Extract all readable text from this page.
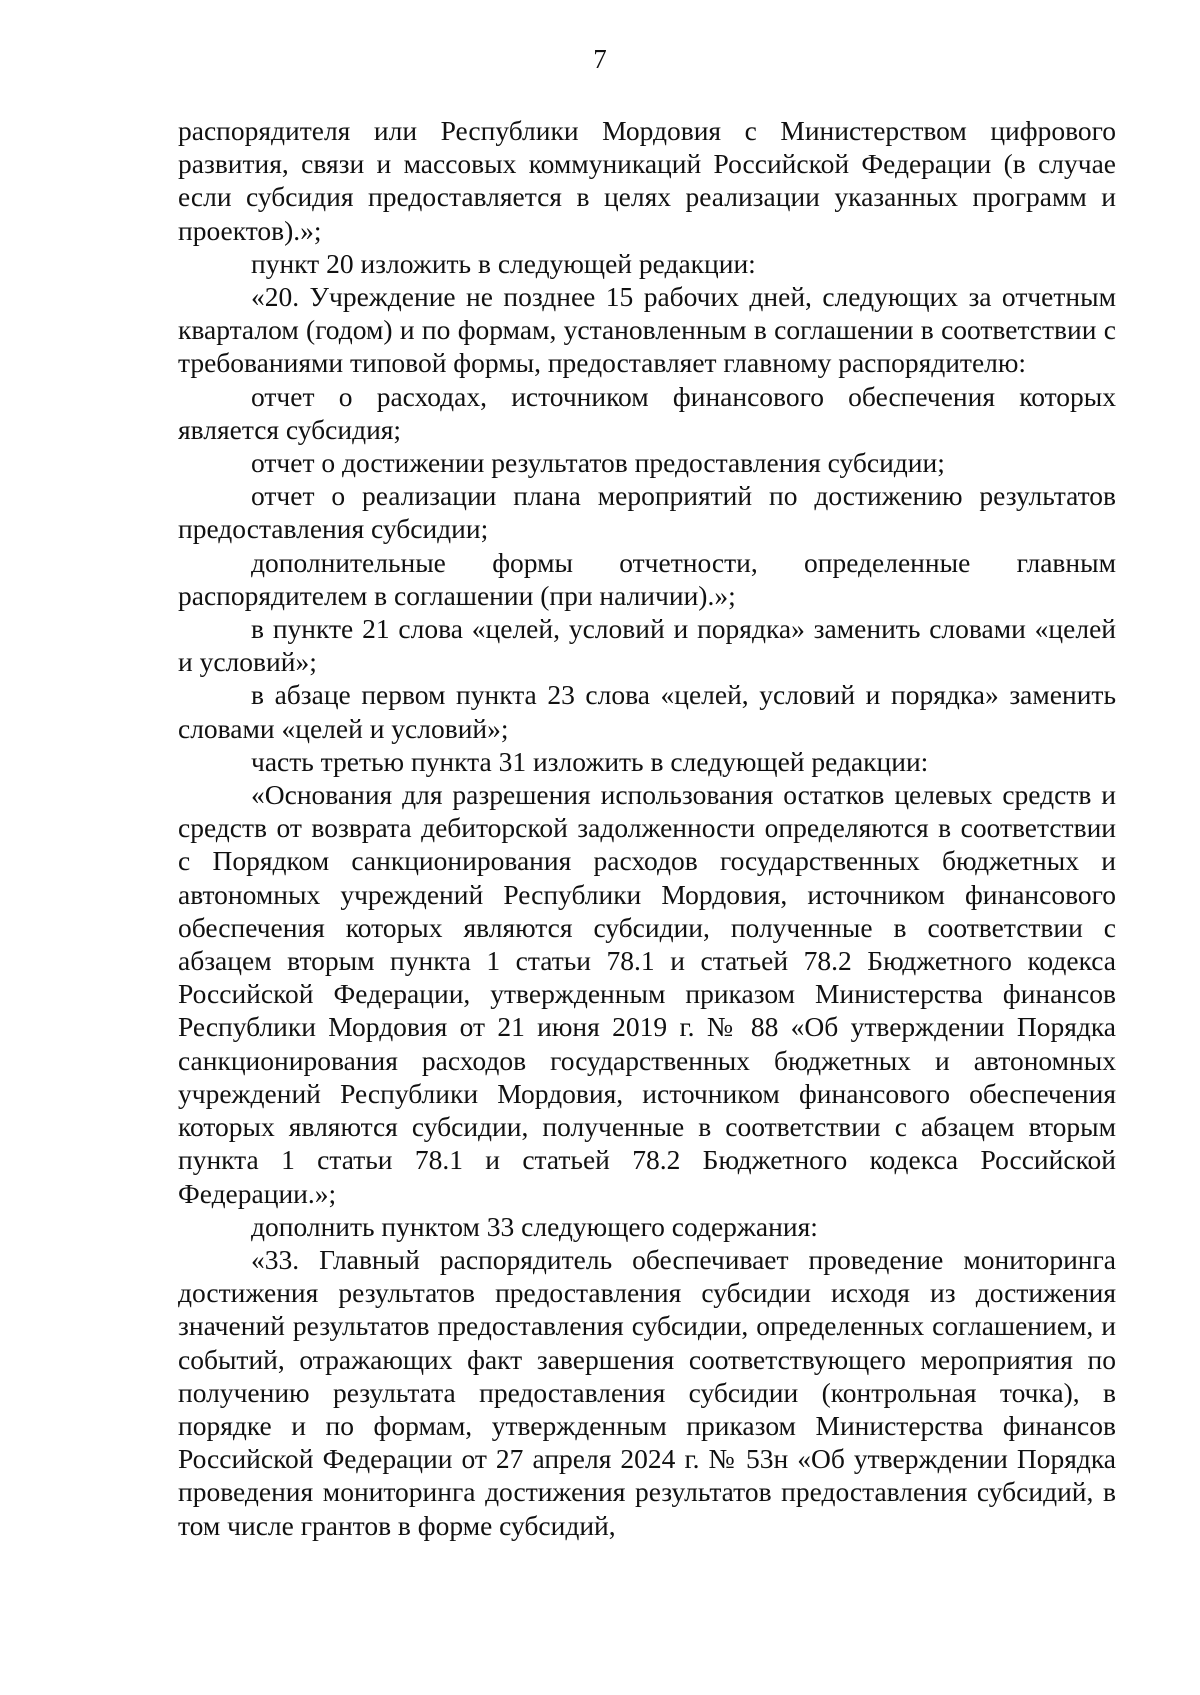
7

распорядителя или Республики Мордовия с Министерством цифрового развития, связи и массовых коммуникаций Российской Федерации (в случае если субсидия предоставляется в целях реализации указанных программ и проектов).»;

пункт 20 изложить в следующей редакции:

«20. Учреждение не позднее 15 рабочих дней, следующих за отчетным кварталом (годом) и по формам, установленным в соглашении в соответствии с требованиями типовой формы, предоставляет главному распорядителю:

отчет о расходах, источником финансового обеспечения которых является субсидия;

отчет о достижении результатов предоставления субсидии;

отчет о реализации плана мероприятий по достижению результатов предоставления субсидии;

дополнительные формы отчетности, определенные главным распорядителем в соглашении (при наличии).»;

в пункте 21 слова «целей, условий и порядка» заменить словами «целей и условий»;

в абзаце первом пункта 23 слова «целей, условий и порядка» заменить словами «целей и условий»;

часть третью пункта 31 изложить в следующей редакции:

«Основания для разрешения использования остатков целевых средств и средств от возврата дебиторской задолженности определяются в соответствии с Порядком санкционирования расходов государственных бюджетных и автономных учреждений Республики Мордовия, источником финансового обеспечения которых являются субсидии, полученные в соответствии с абзацем вторым пункта 1 статьи 78.1 и статьей 78.2 Бюджетного кодекса Российской Федерации, утвержденным приказом Министерства финансов Республики Мордовия от 21 июня 2019 г. № 88 «Об утверждении Порядка санкционирования расходов государственных бюджетных и автономных учреждений Республики Мордовия, источником финансового обеспечения которых являются субсидии, полученные в соответствии с абзацем вторым пункта 1 статьи 78.1 и статьей 78.2 Бюджетного кодекса Российской Федерации.»;

дополнить пунктом 33 следующего содержания:

«33. Главный распорядитель обеспечивает проведение мониторинга достижения результатов предоставления субсидии исходя из достижения значений результатов предоставления субсидии, определенных соглашением, и событий, отражающих факт завершения соответствующего мероприятия по получению результата предоставления субсидии (контрольная точка), в порядке и по формам, утвержденным приказом Министерства финансов Российской Федерации от 27 апреля 2024 г. № 53н «Об утверждении Порядка проведения мониторинга достижения результатов предоставления субсидий, в том числе грантов в форме субсидий,
